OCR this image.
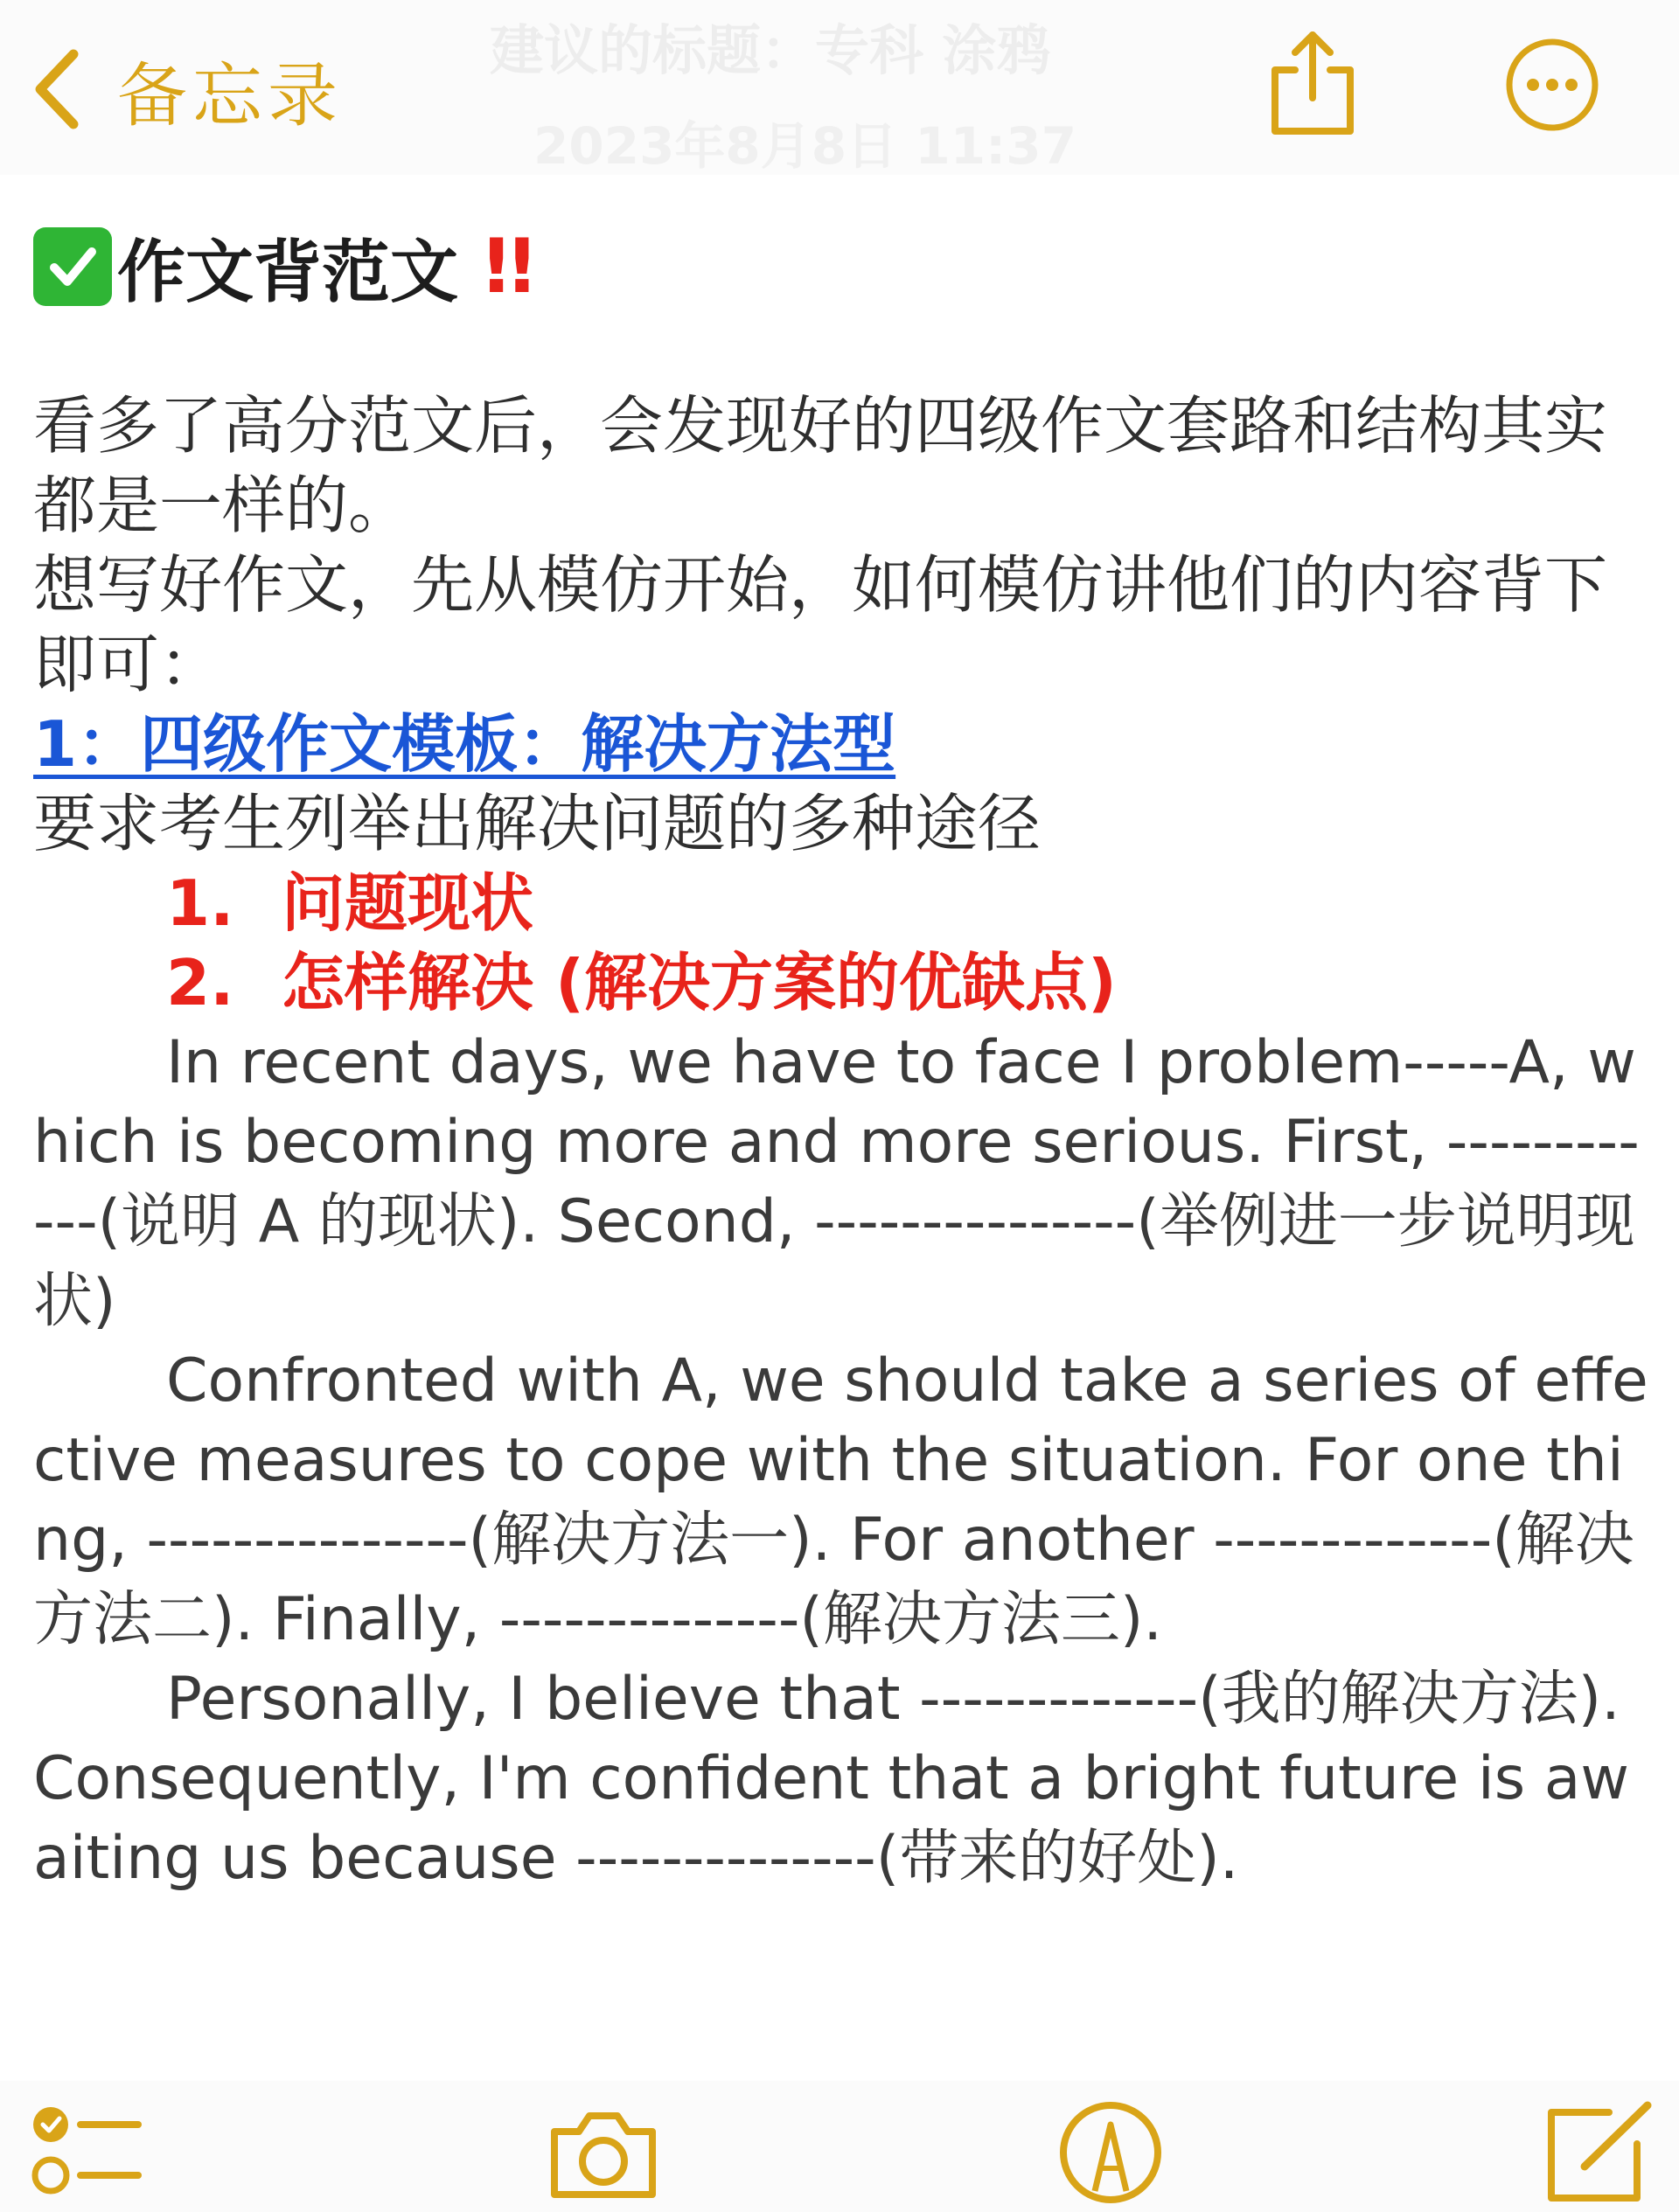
备忘录
建议的标题：专科 涂鸦
2023年8月8日 11:37
作文背范文 !!

看多了高分范文后，会发现好的四级作文套路和结构其实都是一样的。

想写好作文，先从模仿开始，如何模仿讲他们的内容背下即可：

1：四级作文模板：解决方法型

要求考生列举出解决问题的多种途径

1. 问题现状

2. 怎样解决 (解决方案的优缺点)

In recent days, we have to face I problem-----A, which is becoming more and more serious. First, ------------(说明 A 的现状). Second, ---------------(举例进一步说明现状)

Confronted with A, we should take a series of effective measures to cope with the situation. For one thing, ---------------(解决方法一). For another -------------(解决方法二). Finally, --------------(解决方法三).

Personally, I believe that -------------(我的解决方法). Consequently, I'm confident that a bright future is awaiting us because --------------(带来的好处).
